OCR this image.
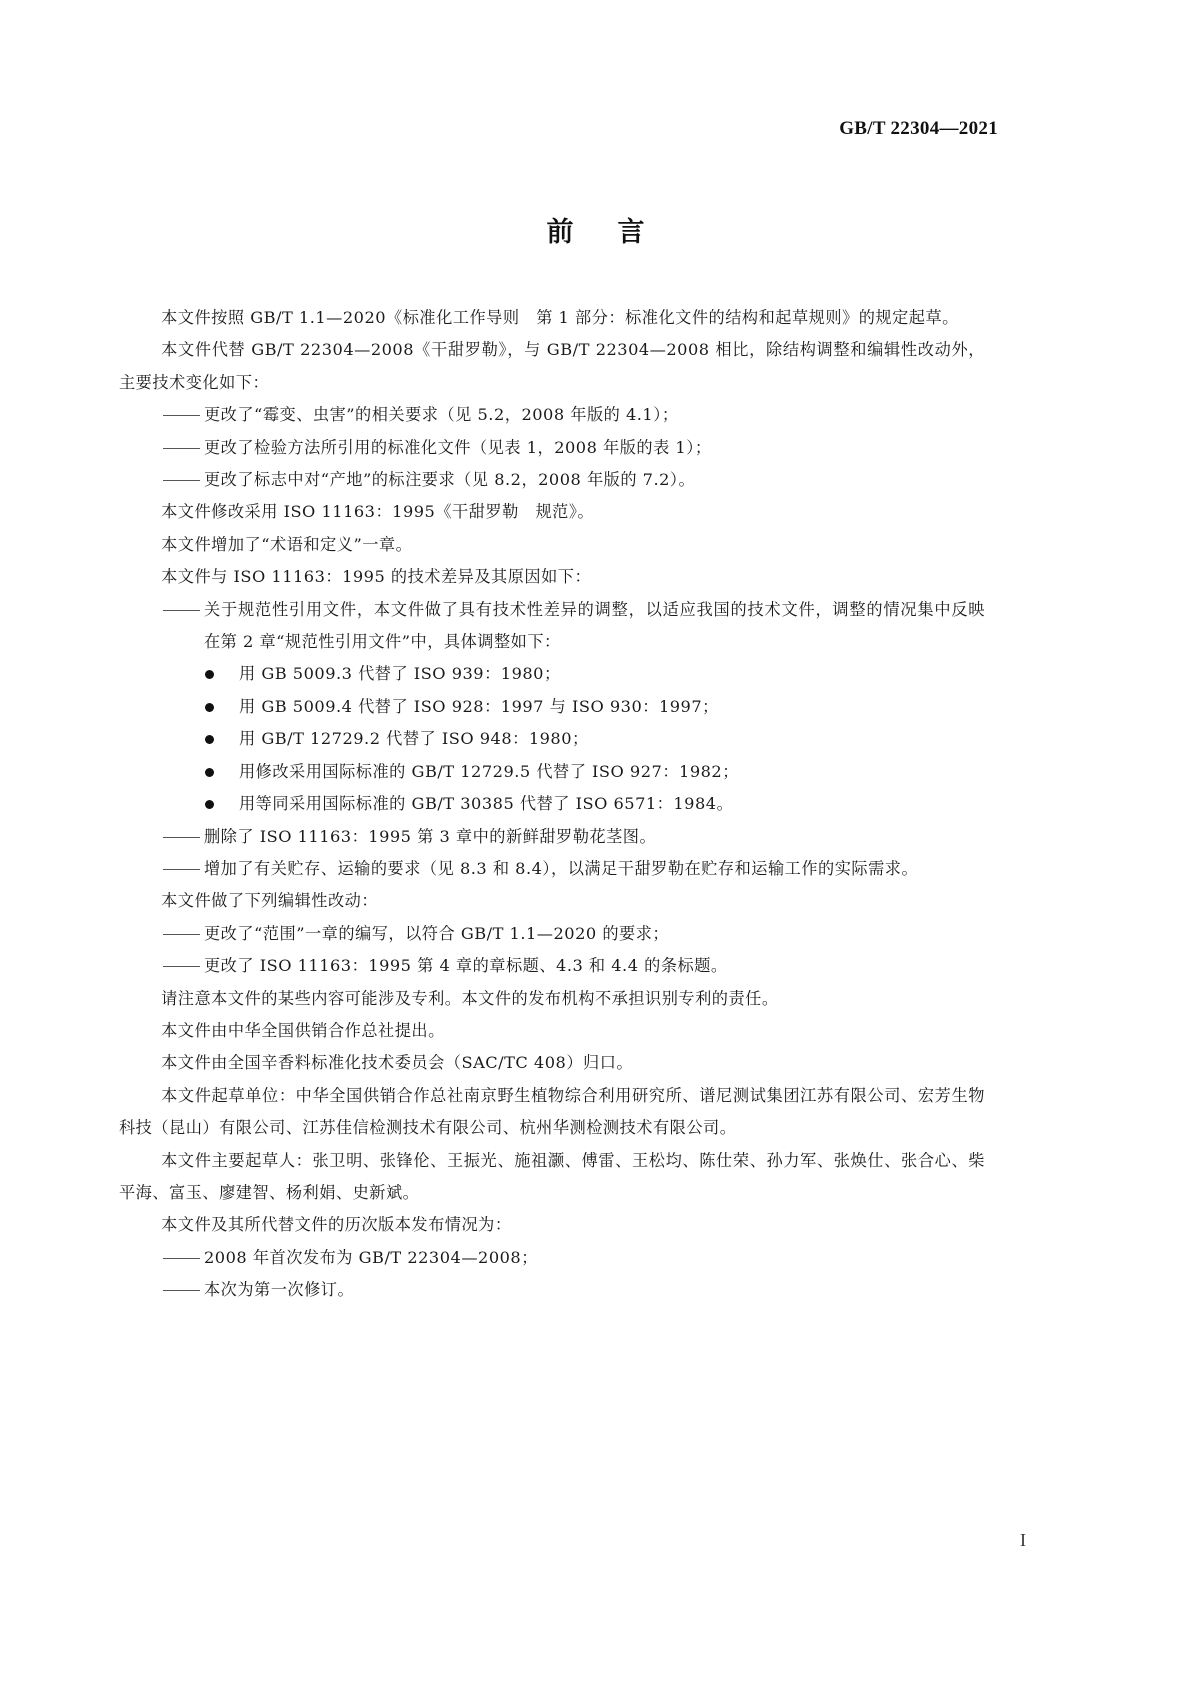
GB/T 22304—2021
前言

本文件按照 GB/T 1.1—2020《标准化工作导则　第 1 部分：标准化文件的结构和起草规则》的规定起草。

本文件代替 GB/T 22304—2008《干甜罗勒》，与 GB/T 22304—2008 相比，除结构调整和编辑性改动外，主要技术变化如下：

更改了“霉变、虫害”的相关要求（见 5.2，2008 年版的 4.1）；
更改了检验方法所引用的标准化文件（见表 1，2008 年版的表 1）；
更改了标志中对“产地”的标注要求（见 8.2，2008 年版的 7.2）。

本文件修改采用 ISO 11163：1995《干甜罗勒　规范》。

本文件增加了“术语和定义”一章。

本文件与 ISO 11163：1995 的技术差异及其原因如下：

关于规范性引用文件，本文件做了具有技术性差异的调整，以适应我国的技术文件，调整的情况集中反映在第 2 章“规范性引用文件”中，具体调整如下：
用 GB 5009.3 代替了 ISO 939：1980；
用 GB 5009.4 代替了 ISO 928：1997 与 ISO 930：1997；
用 GB/T 12729.2 代替了 ISO 948：1980；
用修改采用国际标准的 GB/T 12729.5 代替了 ISO 927：1982；
用等同采用国际标准的 GB/T 30385 代替了 ISO 6571：1984。
删除了 ISO 11163：1995 第 3 章中的新鲜甜罗勒花茎图。
增加了有关贮存、运输的要求（见 8.3 和 8.4），以满足干甜罗勒在贮存和运输工作的实际需求。

本文件做了下列编辑性改动：

更改了“范围”一章的编写，以符合 GB/T 1.1—2020 的要求；
更改了 ISO 11163：1995 第 4 章的章标题、4.3 和 4.4 的条标题。

请注意本文件的某些内容可能涉及专利。本文件的发布机构不承担识别专利的责任。

本文件由中华全国供销合作总社提出。

本文件由全国辛香料标准化技术委员会（SAC/TC 408）归口。

本文件起草单位：中华全国供销合作总社南京野生植物综合利用研究所、谱尼测试集团江苏有限公司、宏芳生物科技（昆山）有限公司、江苏佳信检测技术有限公司、杭州华测检测技术有限公司。

本文件主要起草人：张卫明、张锋伦、王振光、施祖灏、傅雷、王松均、陈仕荣、孙力军、张焕仕、张合心、柴平海、富玉、廖建智、杨利娟、史新斌。

本文件及其所代替文件的历次版本发布情况为：

2008 年首次发布为 GB/T 22304—2008；
本次为第一次修订。
I
